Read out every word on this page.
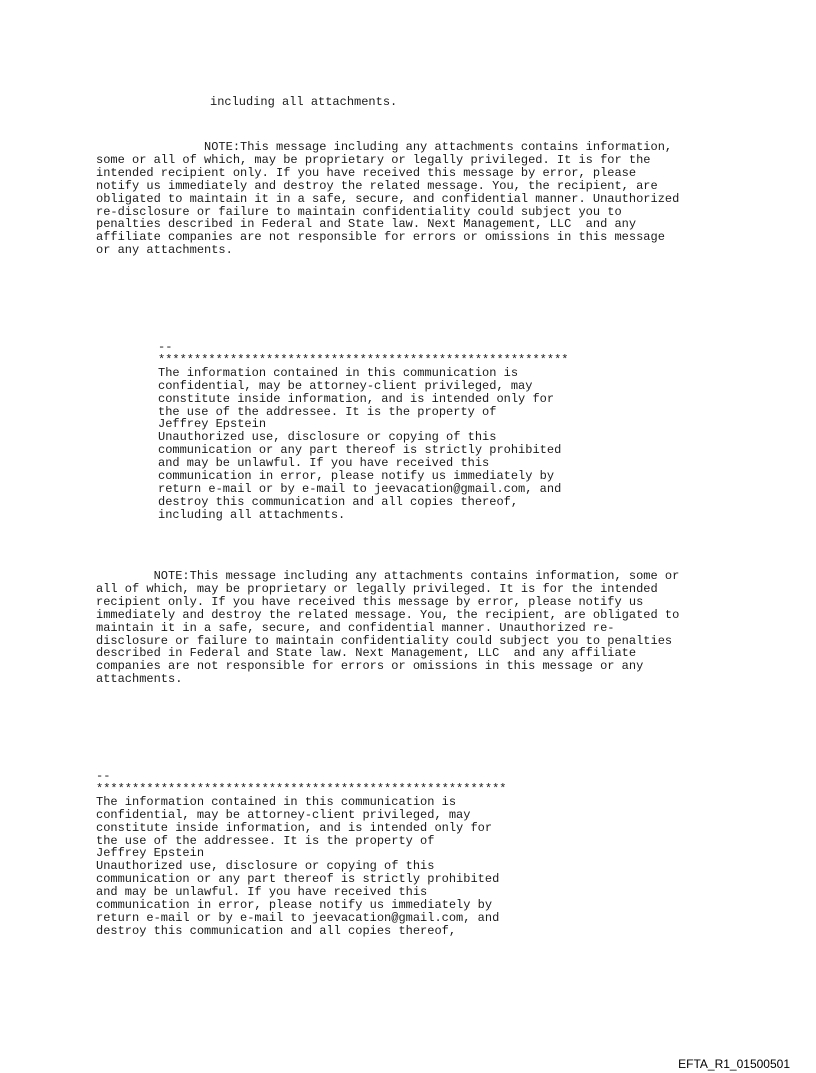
including all attachments.
NOTE:This message including any attachments contains information,
some or all of which, may be proprietary or legally privileged. It is for the
intended recipient only. If you have received this message by error, please
notify us immediately and destroy the related message. You, the recipient, are
obligated to maintain it in a safe, secure, and confidential manner. Unauthorized
re-disclosure or failure to maintain confidentiality could subject you to
penalties described in Federal and State law. Next Management, LLC  and any
affiliate companies are not responsible for errors or omissions in this message
or any attachments.
--
*********************************************************
The information contained in this communication is
confidential, may be attorney-client privileged, may
constitute inside information, and is intended only for
the use of the addressee. It is the property of
Jeffrey Epstein
Unauthorized use, disclosure or copying of this
communication or any part thereof is strictly prohibited
and may be unlawful. If you have received this
communication in error, please notify us immediately by
return e-mail or by e-mail to jeevacation@gmail.com, and
destroy this communication and all copies thereof,
including all attachments.
NOTE:This message including any attachments contains information, some or
all of which, may be proprietary or legally privileged. It is for the intended
recipient only. If you have received this message by error, please notify us
immediately and destroy the related message. You, the recipient, are obligated to
maintain it in a safe, secure, and confidential manner. Unauthorized re-
disclosure or failure to maintain confidentiality could subject you to penalties
described in Federal and State law. Next Management, LLC  and any affiliate
companies are not responsible for errors or omissions in this message or any
attachments.
--
*********************************************************
The information contained in this communication is
confidential, may be attorney-client privileged, may
constitute inside information, and is intended only for
the use of the addressee. It is the property of
Jeffrey Epstein
Unauthorized use, disclosure or copying of this
communication or any part thereof is strictly prohibited
and may be unlawful. If you have received this
communication in error, please notify us immediately by
return e-mail or by e-mail to jeevacation@gmail.com, and
destroy this communication and all copies thereof,
EFTA_R1_01500501
